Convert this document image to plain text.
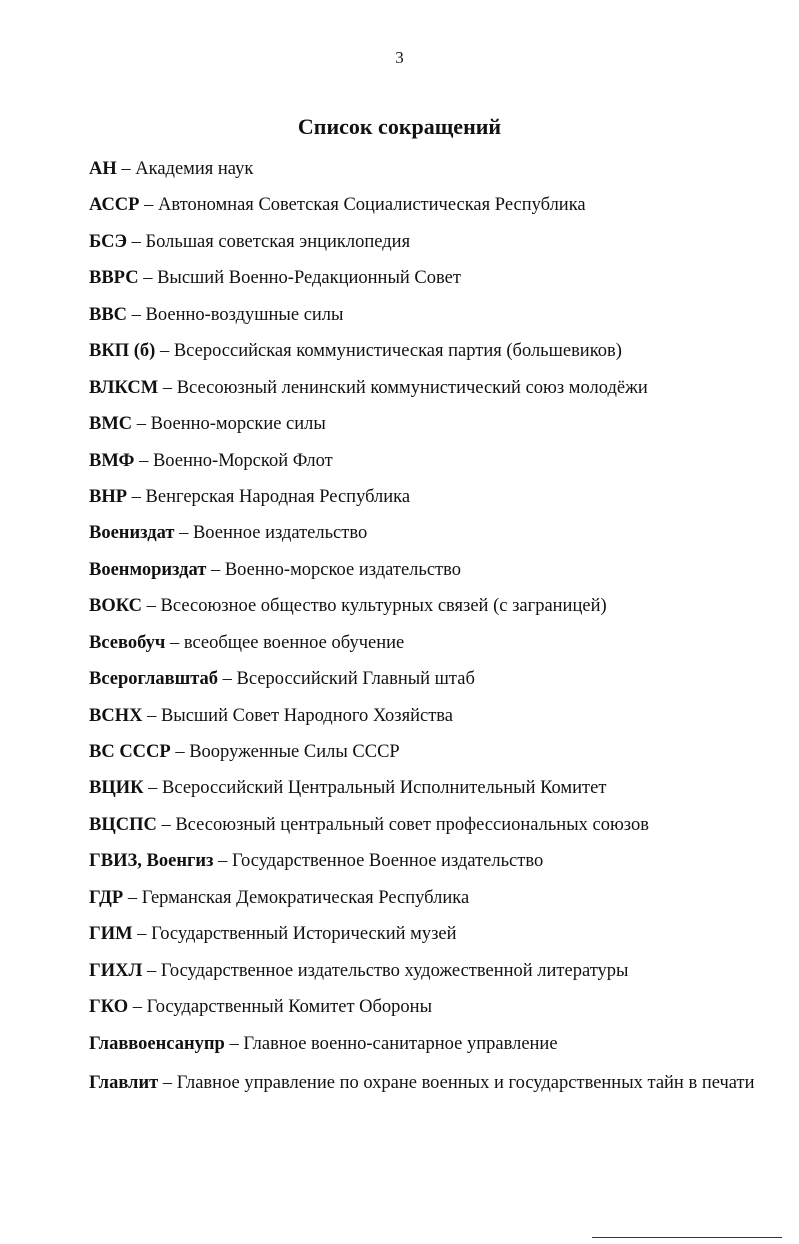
3
Список сокращений
АН – Академия наук
АССР – Автономная Советская Социалистическая Республика
БСЭ – Большая советская энциклопедия
ВВРС – Высший Военно-Редакционный Совет
ВВС – Военно-воздушные силы
ВКП (б) – Всероссийская коммунистическая партия (большевиков)
ВЛКСМ – Всесоюзный ленинский коммунистический союз молодёжи
ВМС – Военно-морские силы
ВМФ – Военно-Морской Флот
ВНР – Венгерская Народная Республика
Воениздат – Военное издательство
Военмориздат – Военно-морское издательство
ВОКС – Всесоюзное общество культурных связей (с заграницей)
Всевобуч – всеобщее военное обучение
Всероглавштаб – Всероссийский Главный штаб
ВСНХ – Высший Совет Народного Хозяйства
ВС СССР – Вооруженные Силы СССР
ВЦИК – Всероссийский Центральный Исполнительный Комитет
ВЦСПС – Всесоюзный центральный совет профессиональных союзов
ГВИЗ, Военгиз – Государственное Военное издательство
ГДР – Германская Демократическая Республика
ГИМ – Государственный Исторический музей
ГИХЛ – Государственное издательство художественной литературы
ГКО – Государственный Комитет Обороны
Главвоенсанупр – Главное военно-санитарное управление
Главлит – Главное управление по охране военных и государственных тайн в печати
